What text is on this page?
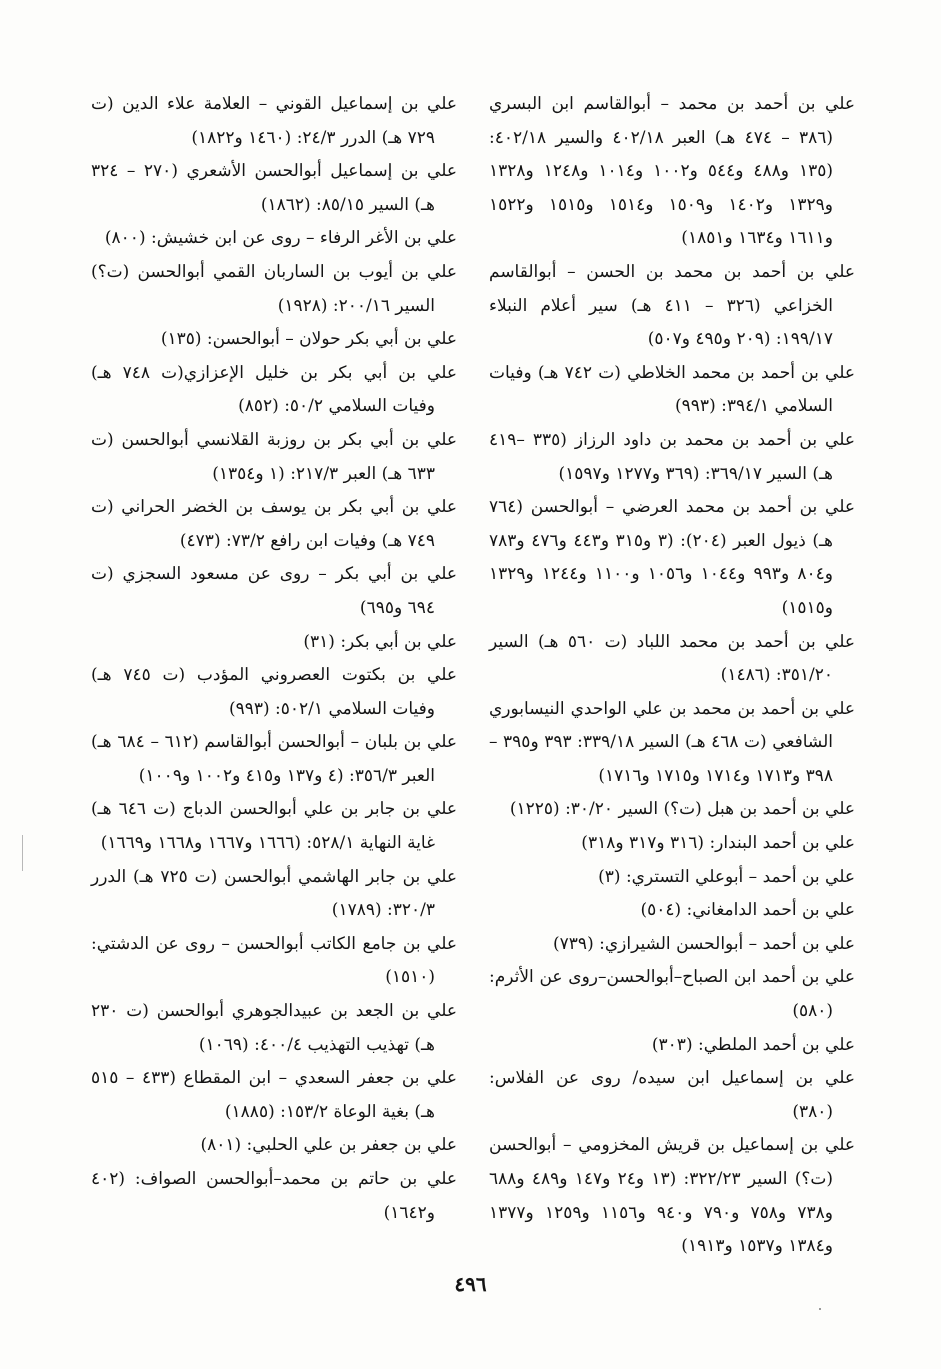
علي بن أحمد بن محمد – أبوالقاسم ابن البسري (٣٨٦ – ٤٧٤ هـ) العبر ٤٠٢/١٨ والسير ٤٠٢/١٨: (١٣٥ و٤٨٨ و٥٤٤ و١٠٠٢ و١٠١٤ و١٢٤٨ و١٣٢٨ و١٣٢٩ و١٤٠٢ و١٥٠٩ و١٥١٤ و١٥١٥ و١٥٢٢ و١٦١١ و١٦٣٤ و١٨٥١)

علي بن أحمد بن محمد بن الحسن – أبوالقاسم الخزاعي (٣٢٦ – ٤١١ هـ) سير أعلام النبلاء ١٩٩/١٧: (٢٠٩ و٤٩٥ و٥٠٧)

علي بن أحمد بن محمد الخلاطي (ت ٧٤٢ هـ) وفيات السلامي ٣٩٤/١: (٩٩٣)

علي بن أحمد بن محمد بن داود الرزاز (٣٣٥ –٤١٩ هـ) السير ٣٦٩/١٧: (٣٦٩ و١٢٧٧ و١٥٩٧)

علي بن أحمد بن محمد العرضي – أبوالحسن (٧٦٤ هـ) ذيول العبر (٢٠٤): (٣ و٣١٥ و٤٤٣ و٤٧٦ و٧٨٣ و٨٠٤ و٩٩٣ و١٠٤٤ و١٠٥٦ و١١٠٠ و١٢٤٤ و١٣٢٩ و١٥١٥)

علي بن أحمد بن محمد اللباد (ت ٥٦٠ هـ) السير ٣٥١/٢٠: (١٤٨٦)

علي بن أحمد بن محمد بن علي الواحدي النيسابوري الشافعي (ت ٤٦٨ هـ) السير ٣٣٩/١٨: ٣٩٣ و٣٩٥ – ٣٩٨ و١٧١٣ و١٧١٤ و١٧١٥ و١٧١٦)

علي بن أحمد بن هبل (ت؟) السير ٣٠/٢٠: (١٢٢٥)

علي بن أحمد البندار: (٣١٦ و٣١٧ و٣١٨)

علي بن أحمد – أبوعلي التستري: (٣)

علي بن أحمد الدامغاني: (٥٠٤)

علي بن أحمد – أبوالحسن الشيرازي: (٧٣٩)

علي بن أحمد ابن الصباح–أبوالحسن–روى عن الأثرم: (٥٨٠)

علي بن أحمد الملطي: (٣٠٣)

علي بن إسماعيل ابن سيده/ روى عن الفلاس: (٣٨٠)

علي بن إسماعيل بن قريش المخزومي – أبوالحسن (ت؟) السير ٣٢٢/٢٣: (١٣ و٢٤ و١٤٧ و٤٨٩ و٦٨٨ و٧٣٨ و٧٥٨ و٧٩٠ و٩٤٠ و١١٥٦ و١٢٥٩ و١٣٧٧ و١٣٨٤ و١٥٣٧ و١٩١٣)

علي بن إسماعيل القوني – العلامة علاء الدين (ت ٧٢٩ هـ) الدرر ٢٤/٣: (١٤٦٠ و١٨٢٢)

علي بن إسماعيل أبوالحسن الأشعري (٢٧٠ – ٣٢٤ هـ) السير ٨٥/١٥: (١٨٦٢)

علي بن الأغر الرفاء – روى عن ابن خشيش: (٨٠٠)

علي بن أيوب بن الساربان القمي أبوالحسن (ت؟) السير ٢٠٠/١٦: (١٩٢٨)

علي بن أبي بكر حولان – أبوالحسن: (١٣٥)

علي بن أبي بكر بن خليل الإعزازي(ت ٧٤٨ هـ) وفيات السلامي ٥٠/٢: (٨٥٢)

علي بن أبي بكر بن روزبة القلانسي أبوالحسن (ت ٦٣٣ هـ) العبر ٢١٧/٣: (١ و١٣٥٤)

علي بن أبي بكر بن يوسف بن الخضر الحراني (ت ٧٤٩ هـ) وفيات ابن رافع ٧٣/٢: (٤٧٣)

علي بن أبي بكر – روى عن مسعود السجزي (ت ٦٩٤ و٦٩٥)

علي بن أبي بكر: (٣١)

علي بن بكتوت العصروني المؤدب (ت ٧٤٥ هـ) وفيات السلامي ٥٠٢/١: (٩٩٣)

علي بن بلبان – أبوالحسن أبوالقاسم (٦١٢ – ٦٨٤ هـ) العبر ٣٥٦/٣: (٤ و١٣٧ و٤١٥ و١٠٠٢ و١٠٠٩)

علي بن جابر بن علي أبوالحسن الدباج (ت ٦٤٦ هـ) غاية النهاية ٥٢٨/١: (١٦٦٦ و١٦٦٧ و١٦٦٨ و١٦٦٩)

علي بن جابر الهاشمي أبوالحسن (ت ٧٢٥ هـ) الدرر ٣٢٠/٣: (١٧٨٩)

علي بن جامع الكاتب أبوالحسن – روى عن الدشتي: (١٥١٠)

علي بن الجعد بن عبيدالجوهري أبوالحسن (ت ٢٣٠ هـ) تهذيب التهذيب ٤٠٠/٤: (١٠٦٩)

علي بن جعفر السعدي – ابن المقطاع (٤٣٣ – ٥١٥ هـ) بغية الوعاة ١٥٣/٢: (١٨٨٥)

علي بن جعفر بن علي الحلبي: (٨٠١)

علي بن حاتم بن محمد–أبوالحسن الصواف: (٤٠٢ و١٦٤٢)

٤٩٦
